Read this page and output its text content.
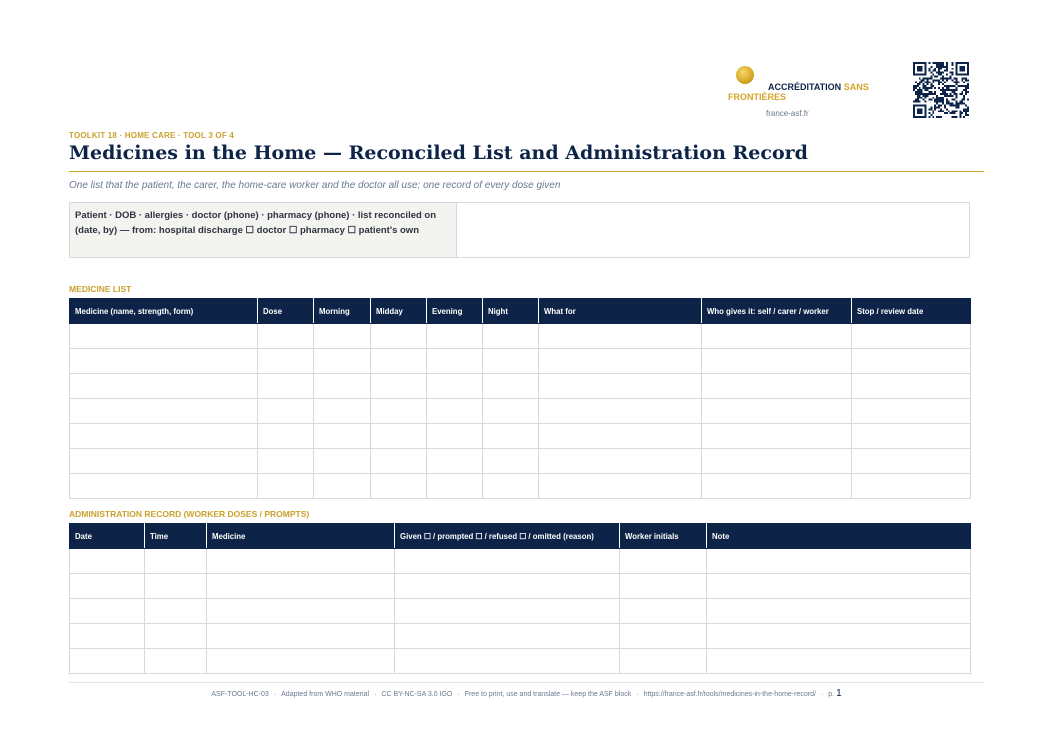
ACCRÉDITATION SANS
FRONTIÈRES
france-asf.fr
TOOLKIT 18 · HOME CARE · TOOL 3 OF 4
Medicines in the Home — Reconciled List and Administration Record
One list that the patient, the carer, the home-care worker and the doctor all use; one record of every dose given
Patient · DOB · allergies · doctor (phone) · pharmacy (phone) · list reconciled on (date, by) — from: hospital discharge ☐ doctor ☐ pharmacy ☐ patient's own
MEDICINE LIST
Medicine (name, strength, form)	Dose	Morning	Midday	Evening	Night	What for	Who gives it: self / carer / worker	Stop / review date

ADMINISTRATION RECORD (WORKER DOSES / PROMPTS)
Date	Time	Medicine	Given ☐ / prompted ☐ / refused ☐ / omitted (reason)	Worker initials	Note

ASF-TOOL-HC-03 · Adapted from WHO material · CC BY-NC-SA 3.0 IGO · Free to print, use and translate — keep the ASF block · https://france-asf.fr/tools/medicines-in-the-home-record/ · p. 1
